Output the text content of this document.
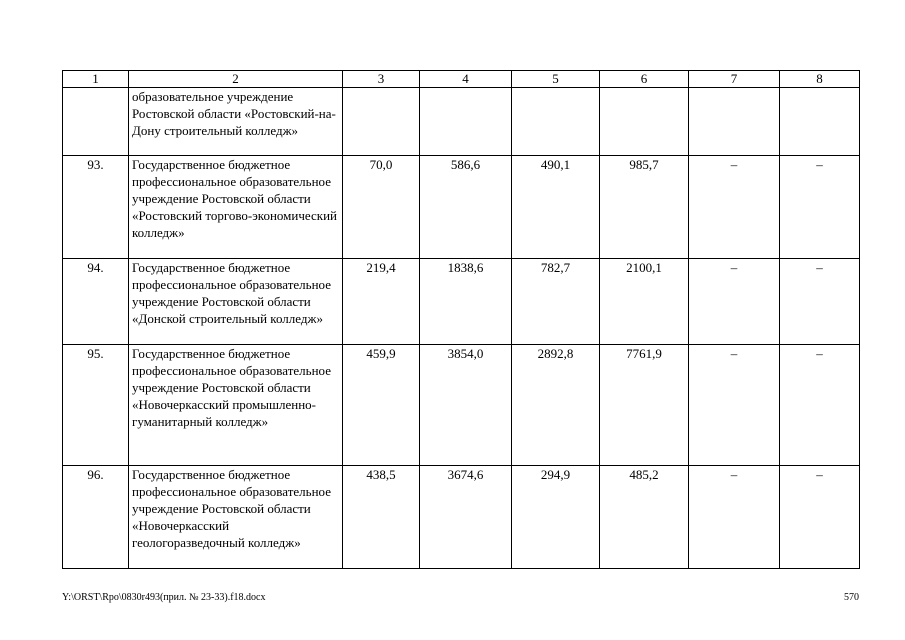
1	2	3	4	5	6	7	8
	образовательное учреждение Ростовской области «Ростовский-на-Дону строительный колледж»						
93.	Государственное бюджетное профессиональное образовательное учреждение Ростовской области «Ростовский торгово-экономический колледж»	70,0	586,6	490,1	985,7	–	–
94.	Государственное бюджетное профессиональное образовательное учреждение Ростовской области «Донской строительный колледж»	219,4	1838,6	782,7	2100,1	–	–
95.	Государственное бюджетное профессиональное образовательное учреждение Ростовской области «Новочеркасский промышленно-гуманитарный колледж»	459,9	3854,0	2892,8	7761,9	–	–
96.	Государственное бюджетное профессиональное образовательное учреждение Ростовской области «Новочеркасский геологоразведочный колледж»	438,5	3674,6	294,9	485,2	–	–
Y:\ORST\Rpo\0830r493(прил. № 23-33).f18.docx	570
